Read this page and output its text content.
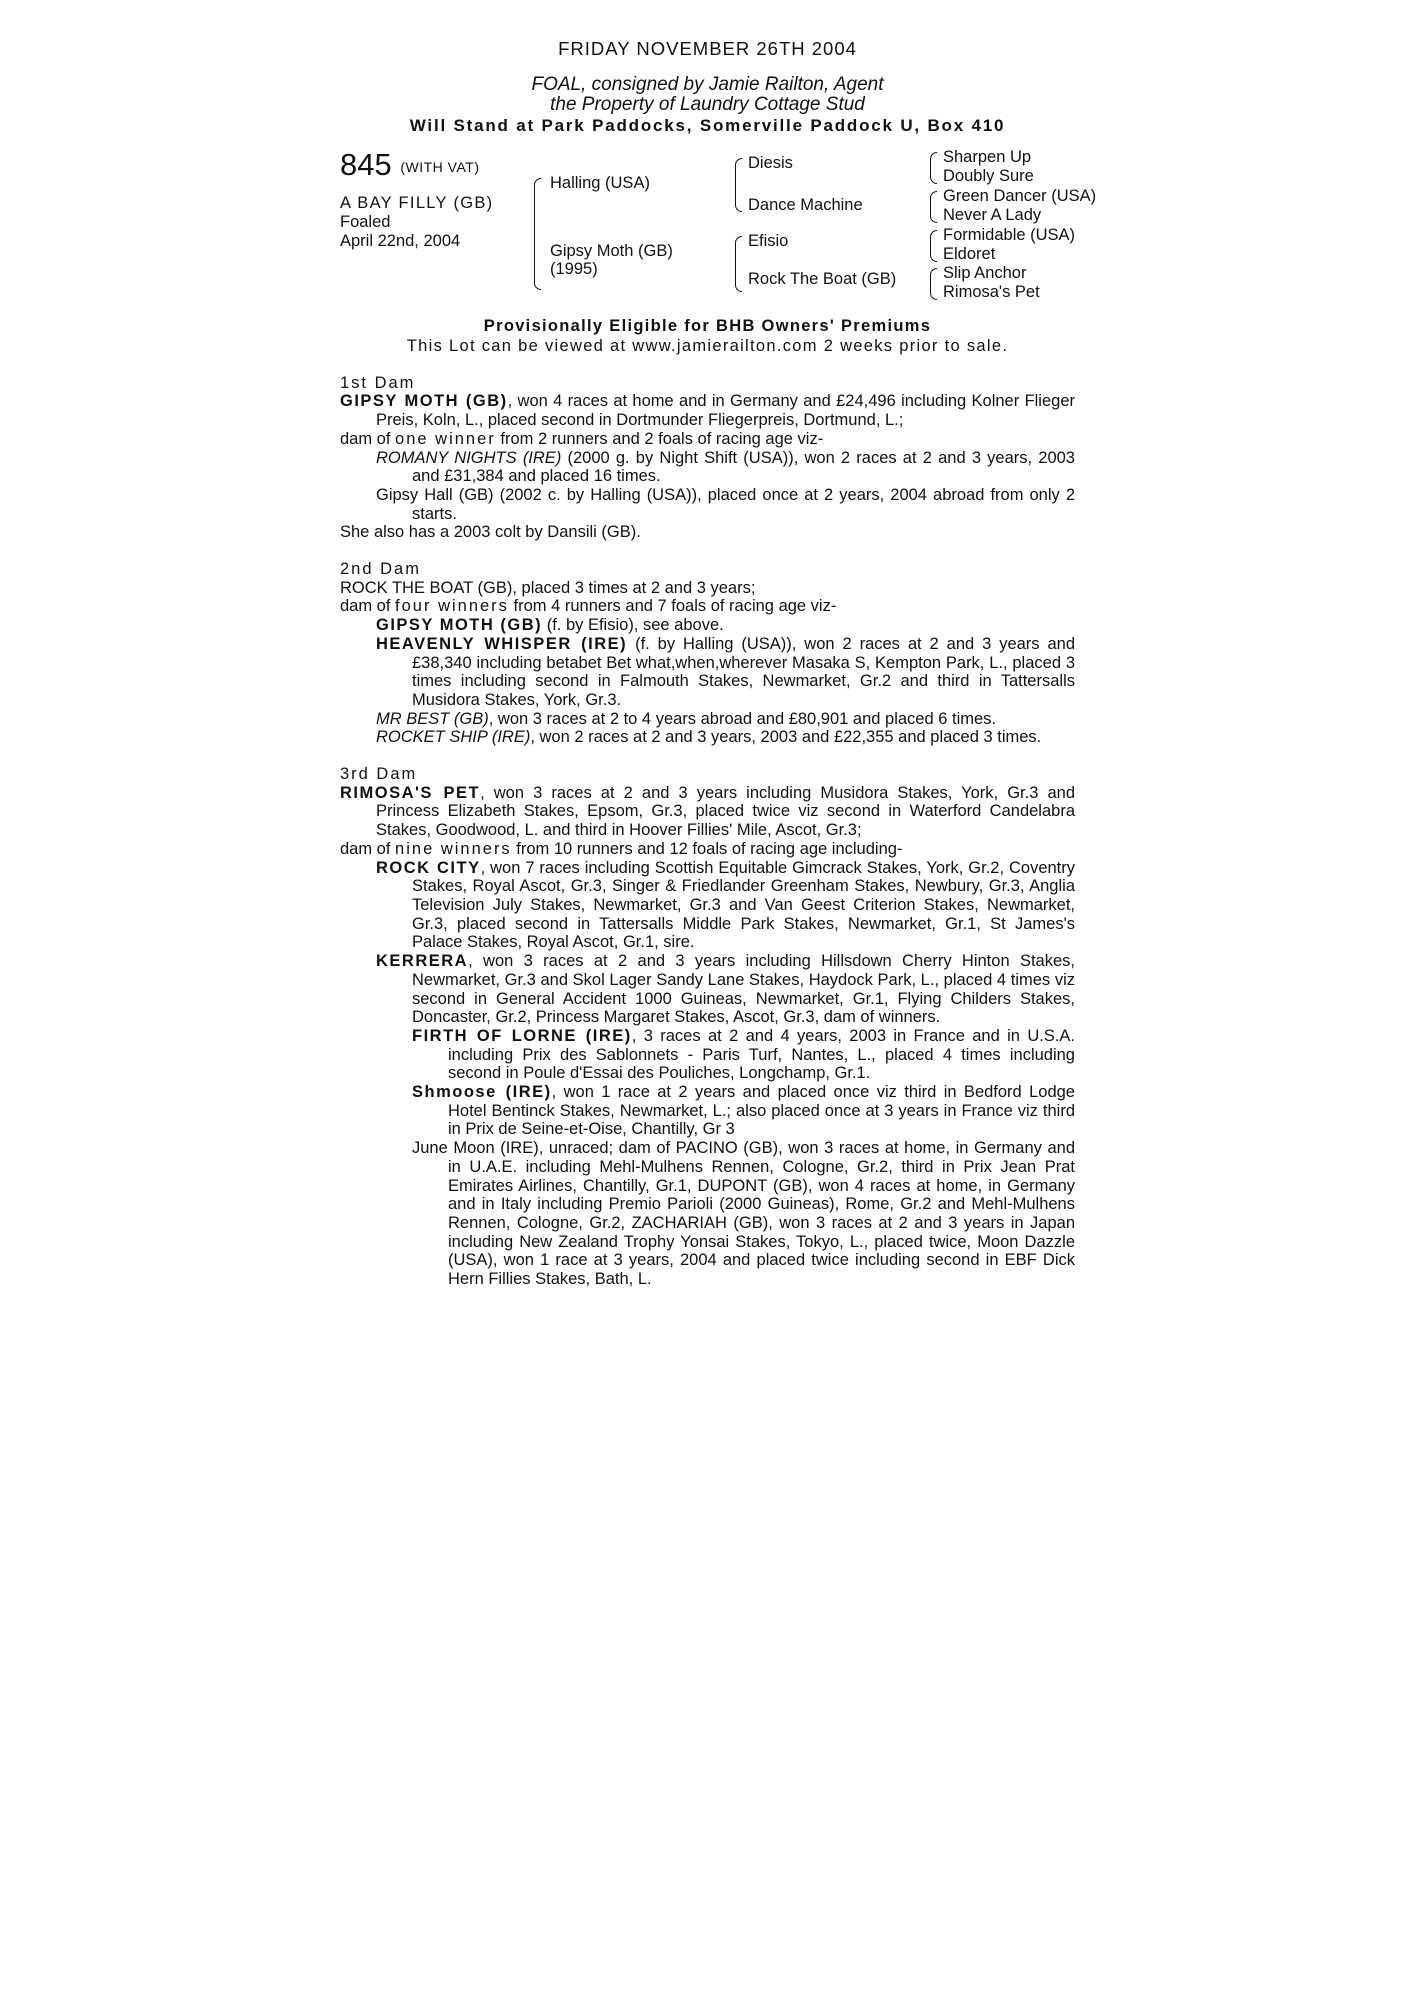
FRIDAY NOVEMBER 26TH 2004
FOAL, consigned by Jamie Railton, Agent
the Property of Laundry Cottage Stud
Will Stand at Park Paddocks, Somerville Paddock U, Box 410
845 (WITH VAT)
A BAY FILLY (GB)
Foaled
April 22nd, 2004
Halling (USA)
Gipsy Moth (GB)
(1995)
Diesis
Dance Machine
Efisio
Rock The Boat (GB)
Sharpen Up
Doubly Sure
Green Dancer (USA)
Never A Lady
Formidable (USA)
Eldoret
Slip Anchor
Rimosa's Pet
Provisionally Eligible for BHB Owners' Premiums
This Lot can be viewed at www.jamierailton.com 2 weeks prior to sale.
1st Dam

GIPSY MOTH (GB), won 4 races at home and in Germany and £24,496 including Kolner Flieger Preis, Koln, L., placed second in Dortmunder Fliegerpreis, Dortmund, L.;

dam of one winner from 2 runners and 2 foals of racing age viz-

ROMANY NIGHTS (IRE) (2000 g. by Night Shift (USA)), won 2 races at 2 and 3 years, 2003 and £31,384 and placed 16 times.

Gipsy Hall (GB) (2002 c. by Halling (USA)), placed once at 2 years, 2004 abroad from only 2 starts.

She also has a 2003 colt by Dansili (GB).

2nd Dam

ROCK THE BOAT (GB), placed 3 times at 2 and 3 years;

dam of four winners from 4 runners and 7 foals of racing age viz-

GIPSY MOTH (GB) (f. by Efisio), see above.

HEAVENLY WHISPER (IRE) (f. by Halling (USA)), won 2 races at 2 and 3 years and £38,340 including betabet Bet what,when,wherever Masaka S, Kempton Park, L., placed 3 times including second in Falmouth Stakes, Newmarket, Gr.2 and third in Tattersalls Musidora Stakes, York, Gr.3.

MR BEST (GB), won 3 races at 2 to 4 years abroad and £80,901 and placed 6 times.

ROCKET SHIP (IRE), won 2 races at 2 and 3 years, 2003 and £22,355 and placed 3 times.

3rd Dam

RIMOSA'S PET, won 3 races at 2 and 3 years including Musidora Stakes, York, Gr.3 and Princess Elizabeth Stakes, Epsom, Gr.3, placed twice viz second in Waterford Candelabra Stakes, Goodwood, L. and third in Hoover Fillies' Mile, Ascot, Gr.3;

dam of nine winners from 10 runners and 12 foals of racing age including-

ROCK CITY, won 7 races including Scottish Equitable Gimcrack Stakes, York, Gr.2, Coventry Stakes, Royal Ascot, Gr.3, Singer & Friedlander Greenham Stakes, Newbury, Gr.3, Anglia Television July Stakes, Newmarket, Gr.3 and Van Geest Criterion Stakes, Newmarket, Gr.3, placed second in Tattersalls Middle Park Stakes, Newmarket, Gr.1, St James's Palace Stakes, Royal Ascot, Gr.1, sire.

KERRERA, won 3 races at 2 and 3 years including Hillsdown Cherry Hinton Stakes, Newmarket, Gr.3 and Skol Lager Sandy Lane Stakes, Haydock Park, L., placed 4 times viz second in General Accident 1000 Guineas, Newmarket, Gr.1, Flying Childers Stakes, Doncaster, Gr.2, Princess Margaret Stakes, Ascot, Gr.3, dam of winners.

FIRTH OF LORNE (IRE), 3 races at 2 and 4 years, 2003 in France and in U.S.A. including Prix des Sablonnets - Paris Turf, Nantes, L., placed 4 times including second in Poule d'Essai des Pouliches, Longchamp, Gr.1.

Shmoose (IRE), won 1 race at 2 years and placed once viz third in Bedford Lodge Hotel Bentinck Stakes, Newmarket, L.; also placed once at 3 years in France viz third in Prix de Seine-et-Oise, Chantilly, Gr 3

June Moon (IRE), unraced; dam of PACINO (GB), won 3 races at home, in Germany and in U.A.E. including Mehl-Mulhens Rennen, Cologne, Gr.2, third in Prix Jean Prat Emirates Airlines, Chantilly, Gr.1, DUPONT (GB), won 4 races at home, in Germany and in Italy including Premio Parioli (2000 Guineas), Rome, Gr.2 and Mehl-Mulhens Rennen, Cologne, Gr.2, ZACHARIAH (GB), won 3 races at 2 and 3 years in Japan including New Zealand Trophy Yonsai Stakes, Tokyo, L., placed twice, Moon Dazzle (USA), won 1 race at 3 years, 2004 and placed twice including second in EBF Dick Hern Fillies Stakes, Bath, L.
